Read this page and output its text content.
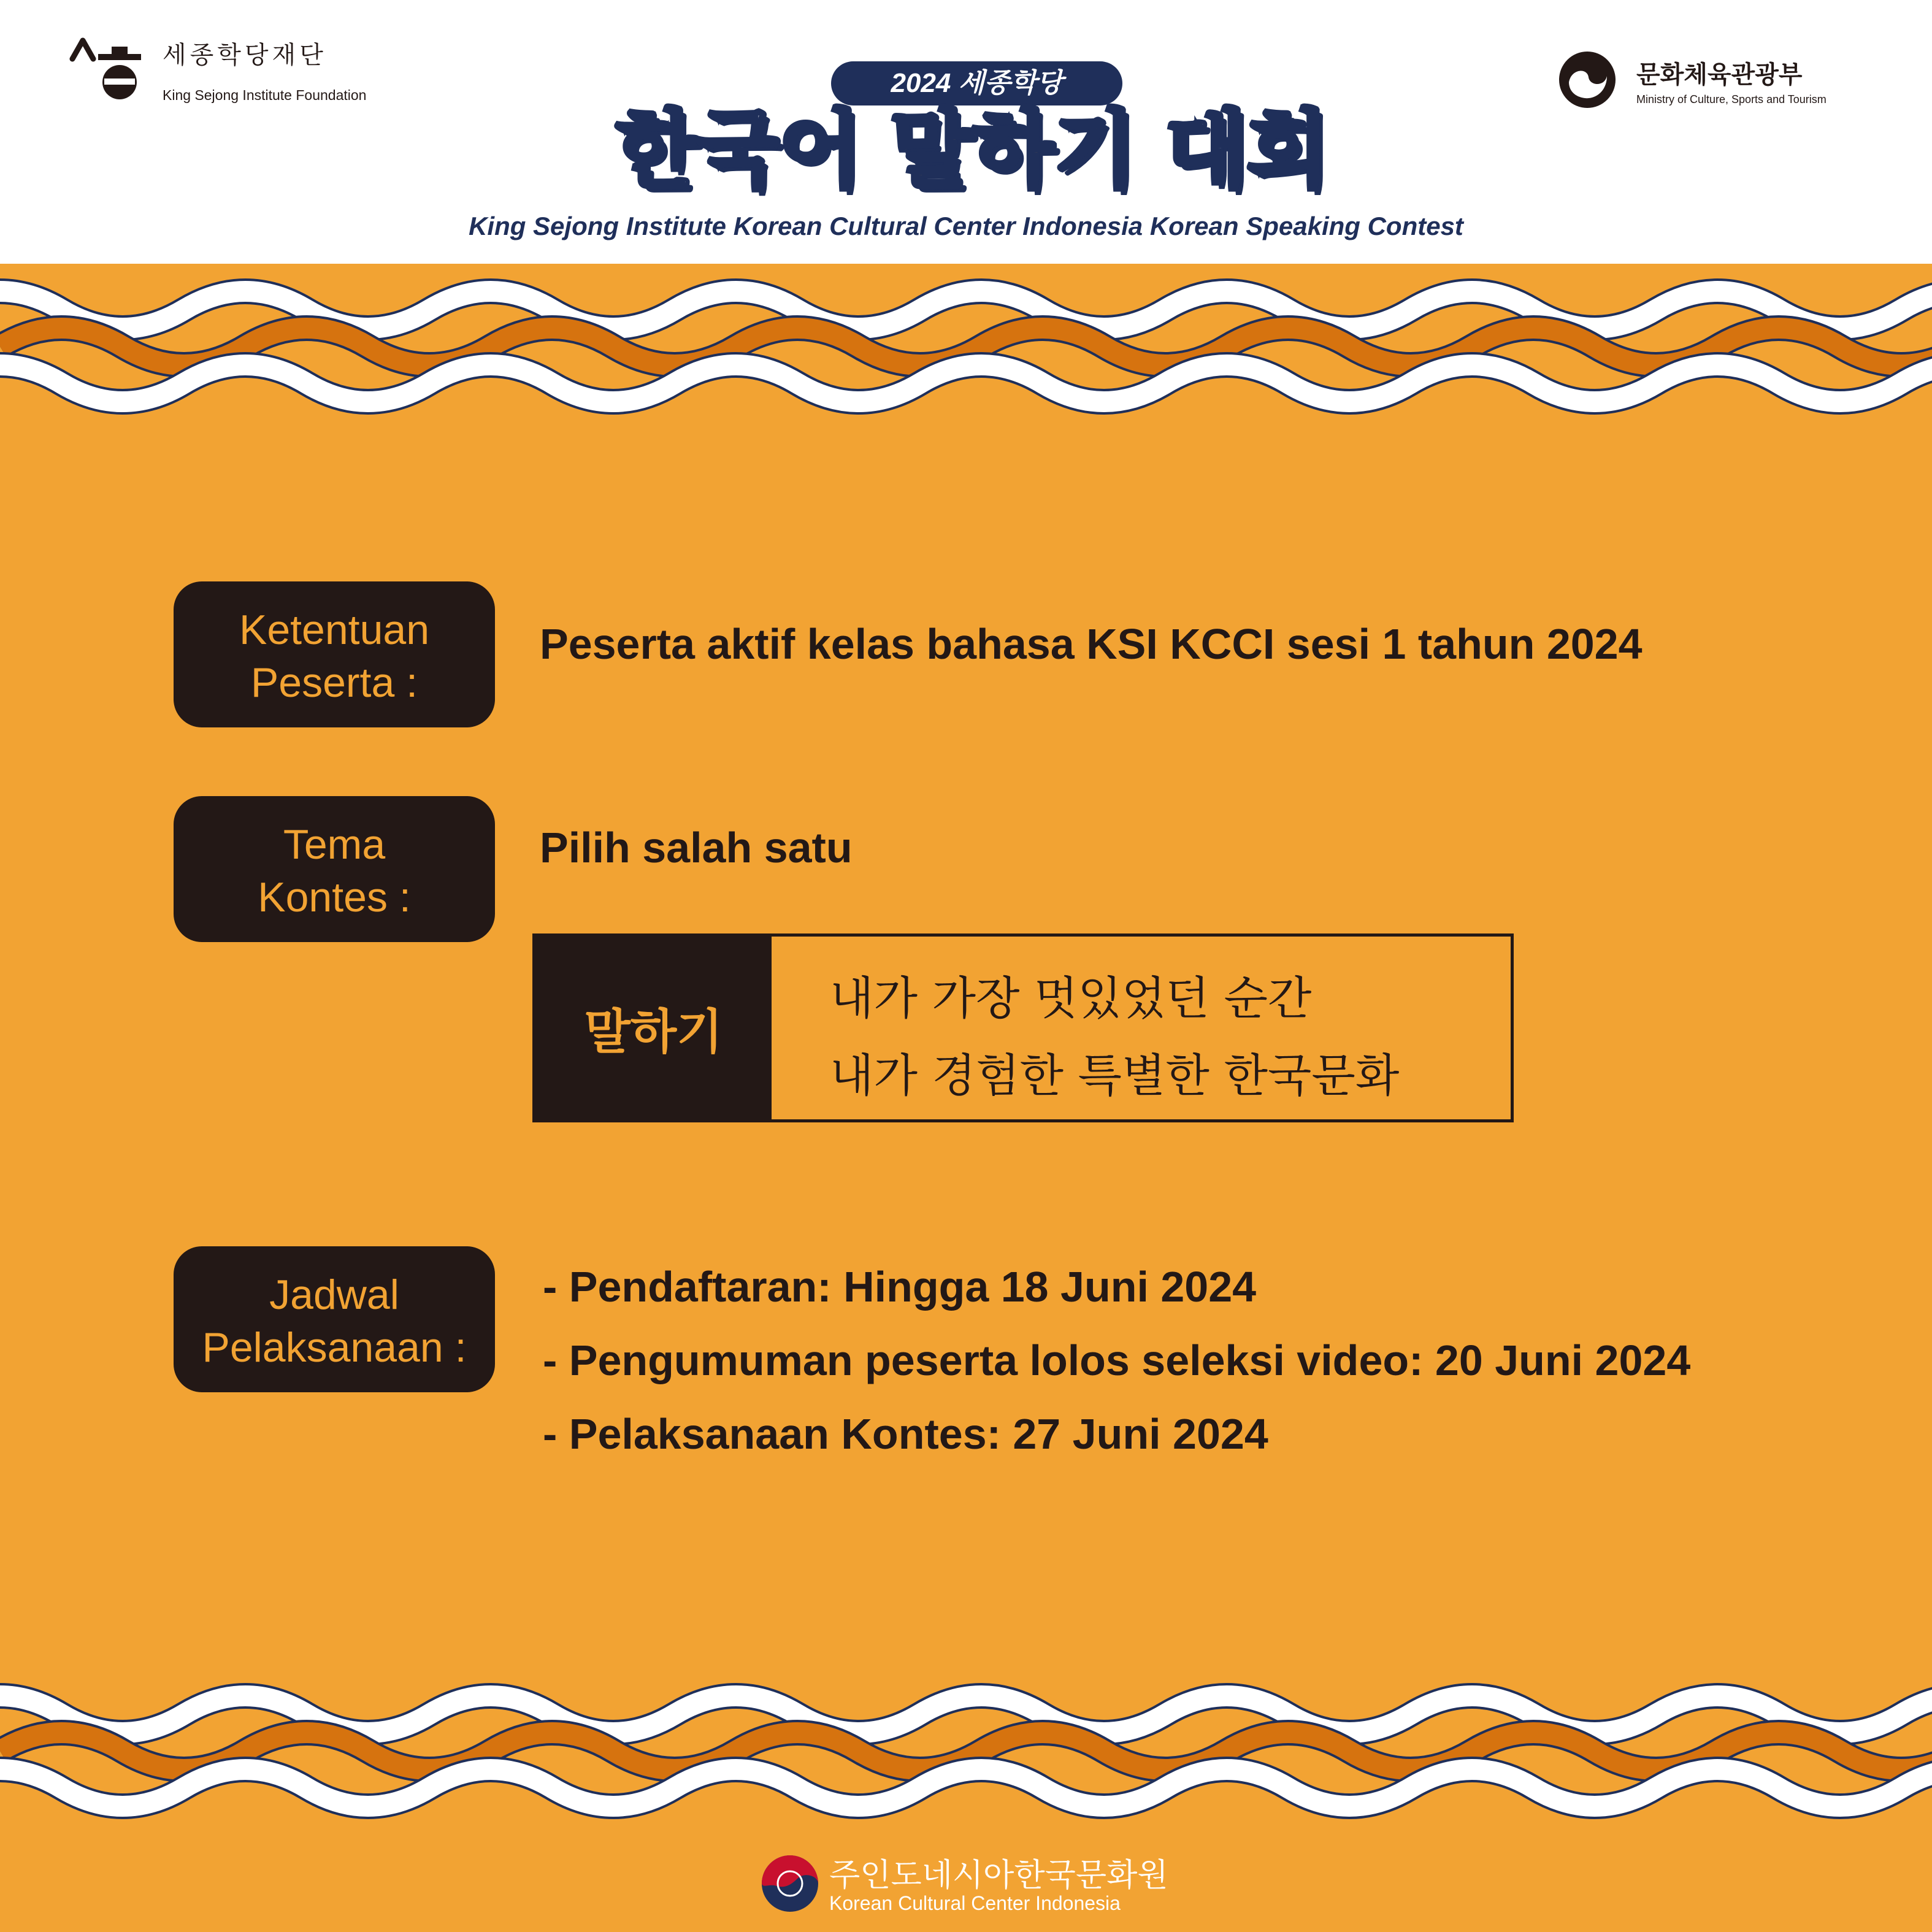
세종학당재단
King Sejong Institute Foundation
문화체육관광부
Ministry of Culture, Sports and Tourism
2024 세종학당
한국어 말하기 대회
King Sejong Institute Korean Cultural Center Indonesia Korean Speaking Contest
Ketentuan
Peserta :
Peserta aktif kelas bahasa KSI KCCI sesi 1 tahun 2024
Tema
Kontes :
Pilih salah satu
말하기
내가 가장 멋있었던 순간
내가 경험한 특별한 한국문화
Jadwal
Pelaksanaan :
- Pendaftaran: Hingga 18 Juni 2024
- Pengumuman peserta lolos seleksi video: 20 Juni 2024
- Pelaksanaan Kontes: 27 Juni 2024
주인도네시아한국문화원
Korean Cultural Center Indonesia
